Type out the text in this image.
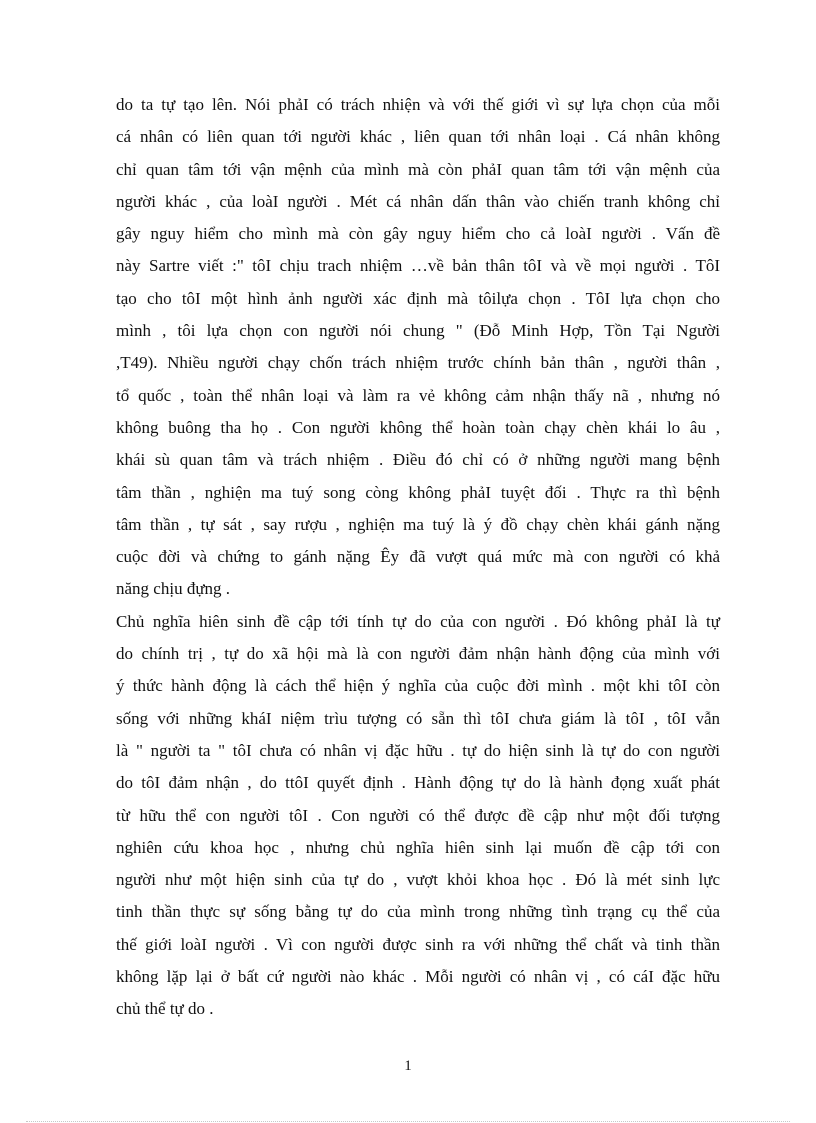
do ta tự tạo lên. Nói phảI có trách nhiện và với thế giới vì sự lựa chọn của mỗi
cá nhân có liên quan tới người khác , liên quan tới nhân loại . Cá nhân không
chỉ quan tâm tới vận mệnh của mình mà còn phảI quan tâm tới vận mệnh của
người khác , của loàI người . Mét cá nhân dấn thân vào chiến tranh không chỉ
gây nguy hiểm cho mình mà còn gây nguy hiểm cho cả loàI người . Vấn đề
này Sartre viết :" tôI chịu trach nhiệm …về bản thân tôI và về mọi người . TôI
tạo cho tôI một hình ảnh người xác định mà tôilựa chọn . TôI lựa chọn cho
mình , tôi lựa chọn con người nói chung " (Đỗ Minh Hợp, Tồn Tại Người
,T49). Nhiều người chạy chốn trách nhiệm trước chính bản thân , người thân ,
tổ quốc , toàn thể nhân loại và làm ra vẻ không cảm nhận thấy nã , nhưng nó
không buông tha họ . Con người không thể hoàn toàn chạy chèn khái lo âu ,
khái sù quan tâm và trách nhiệm . Điều đó chỉ có ở những người mang bệnh
tâm thần , nghiện ma tuý song còng không phảI tuyệt đối . Thực ra thì bệnh
tâm thần , tự sát , say rượu , nghiện ma tuý là ý đồ chạy chèn khái gánh nặng
cuộc đời và chứng to gánh nặng Êy đã vượt quá mức mà con người có khả
năng chịu đựng .
Chủ nghĩa hiên sinh đề cập tới tính tự do của con người . Đó không phảI là tự
do chính trị , tự do xã hội mà là con người đảm nhận hành động của mình với
ý thức hành động là cách thể hiện ý nghĩa của cuộc đời mình . một khi tôI còn
sống với những kháI niệm trìu tượng có sẵn thì tôI chưa giám là tôI , tôI vẫn
là " người ta " tôI chưa có nhân vị đặc hữu . tự do hiện sinh là tự do con người
do tôI đảm nhận , do ttôI quyết định . Hành động tự do là hành đọng xuất phát
từ hữu thể con người tôI . Con người có thể được đề cập như một đối tượng
nghiên cứu khoa học , nhưng chủ nghĩa hiên sinh lại muốn đề cập tới con
người như một hiện sinh của tự do , vượt khỏi khoa học . Đó là mét sinh lực
tinh thần thực sự sống bằng tự do của mình trong những tình trạng cụ thể của
thế giới loàI người . Vì con người được sinh ra với những thể chất và tinh thần
không lặp lại ở bất cứ người nào khác . Mỗi người có nhân vị , có cáI đặc hữu
chủ thể tự do .
1
